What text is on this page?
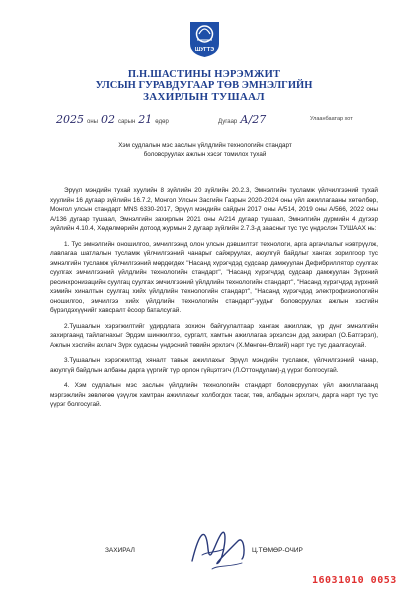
ШУГТЭ
П.Н.ШАСТИНЫ НЭРЭМЖИТ
УЛСЫН ГУРАВДУГААР ТӨВ ЭМНЭЛГИЙН
ЗАХИРЛЫН ТУШААЛ
2025 оны 02 сарын 21 өдөр	Дугаар А/27	Улаанбаатар хот
Хэм судлалын мэс заслын үйлдлийн технологийн стандарт боловсруулах ажлын хэсэг томилох тухай

Эрүүл мэндийн тухай хуулийн 8 зүйлийн 20 зүйлийн 20.2.3, Эмнэлгийн тусламж үйлчилгээний тухай хуулийн 16 дугаар зүйлийн 16.7.2, Монгол Улсын Засгийн Газрын 2020-2024 оны үйл ажиллагааны хөтөлбөр, Монгол улсын стандарт MNS 6330-2017, Эрүүл мэндийн сайдын 2017 оны А/514, 2019 оны А/566, 2022 оны А/136 дугаар тушаал, Эмнэлгийн захирлын 2021 оны А/214 дугаар тушаал, Эмнэлгийн дүрмийн 4 дүгээр зүйлийн 4.10.4, Хөдөлмөрийн дотоод журмын 2 дугаар зүйлийн 2.7.3-д заасныг тус тус үндэслэн ТУШААХ нь:

1. Тус эмнэлгийн оношилгоо, эмчилгээнд олон улсын дэвшилтэт технологи, арга аргачлалыг нэвтрүүлж, лавлагаа шатлалын тусламж үйлчилгээний чанарыг сайжруулах, аюулгүй байдлыг хангах зорилгоор тус эмнэлгийн тусламж үйлчилгээний мөрдөгдөх "Насанд хүрэгчдэд судсаар дамжуулан Дефибриллятор суулгах суулгах эмчилгээний үйлдлийн технологийн стандарт", "Насанд хүрэгчдэд судсаар дамжуулан Зүрхний ресинхронизацийн суулгац суулгах эмчилгээний үйлдлийн технологийн стандарт", "Насанд хүрэгчдэд зүрхний хэмийн хиналтын суулгац хийх үйлдлийн технологийн стандарт", "Насанд хүрэгчдэд электрофизиологийн оношилгоо, эмчилгээ хийх үйлдлийн технологийн стандарт"-уудыг боловсруулах ажлын хэсгийн бүрэлдэхүүнийг хавсралт ёсоор баталсугай.

2.Тушаалын хэрэгжилтийг удирдлага зохион байгуулалтаар хангаж ажиллаж, үр дүнг эмнэлгийн захиргаанд тайлагнахыг Эрдэм шинжилгээ, сургалт, хамтын ажиллагаа эрхэлсэн дэд захирал (О.Батгэрэл), Ажлын хэсгийн ахлагч Зүрх судасны үндэсний төвийн эрхлэгч (Х.Мөнгөн-Өлзий) нарт тус тус даалгасугай.

3.Тушаалын хэрэгжилтэд хяналт тавьж ажиллахыг Эрүүл мэндийн тусламж, үйлчилгээний чанар, аюулгүй байдлын албаны дарга үүргийг түр орлон гүйцэтгэгч (Л.Оттондулам)-д үүрэг болгосугай.

4. Хэм судлалын мэс заслын үйлдлийн технологийн стандарт боловсруулах үйл ажиллагаанд мэргэжлийн зөвлөгөө үзүүлж хамтран ажиллахыг холбогдох тасаг, төв, албадын эрхлэгч, дарга нарт тус тус үүрэг болгосугай.

ЗАХИРАЛ	Ц.ТӨМӨР-ОЧИР
16031010 0053
